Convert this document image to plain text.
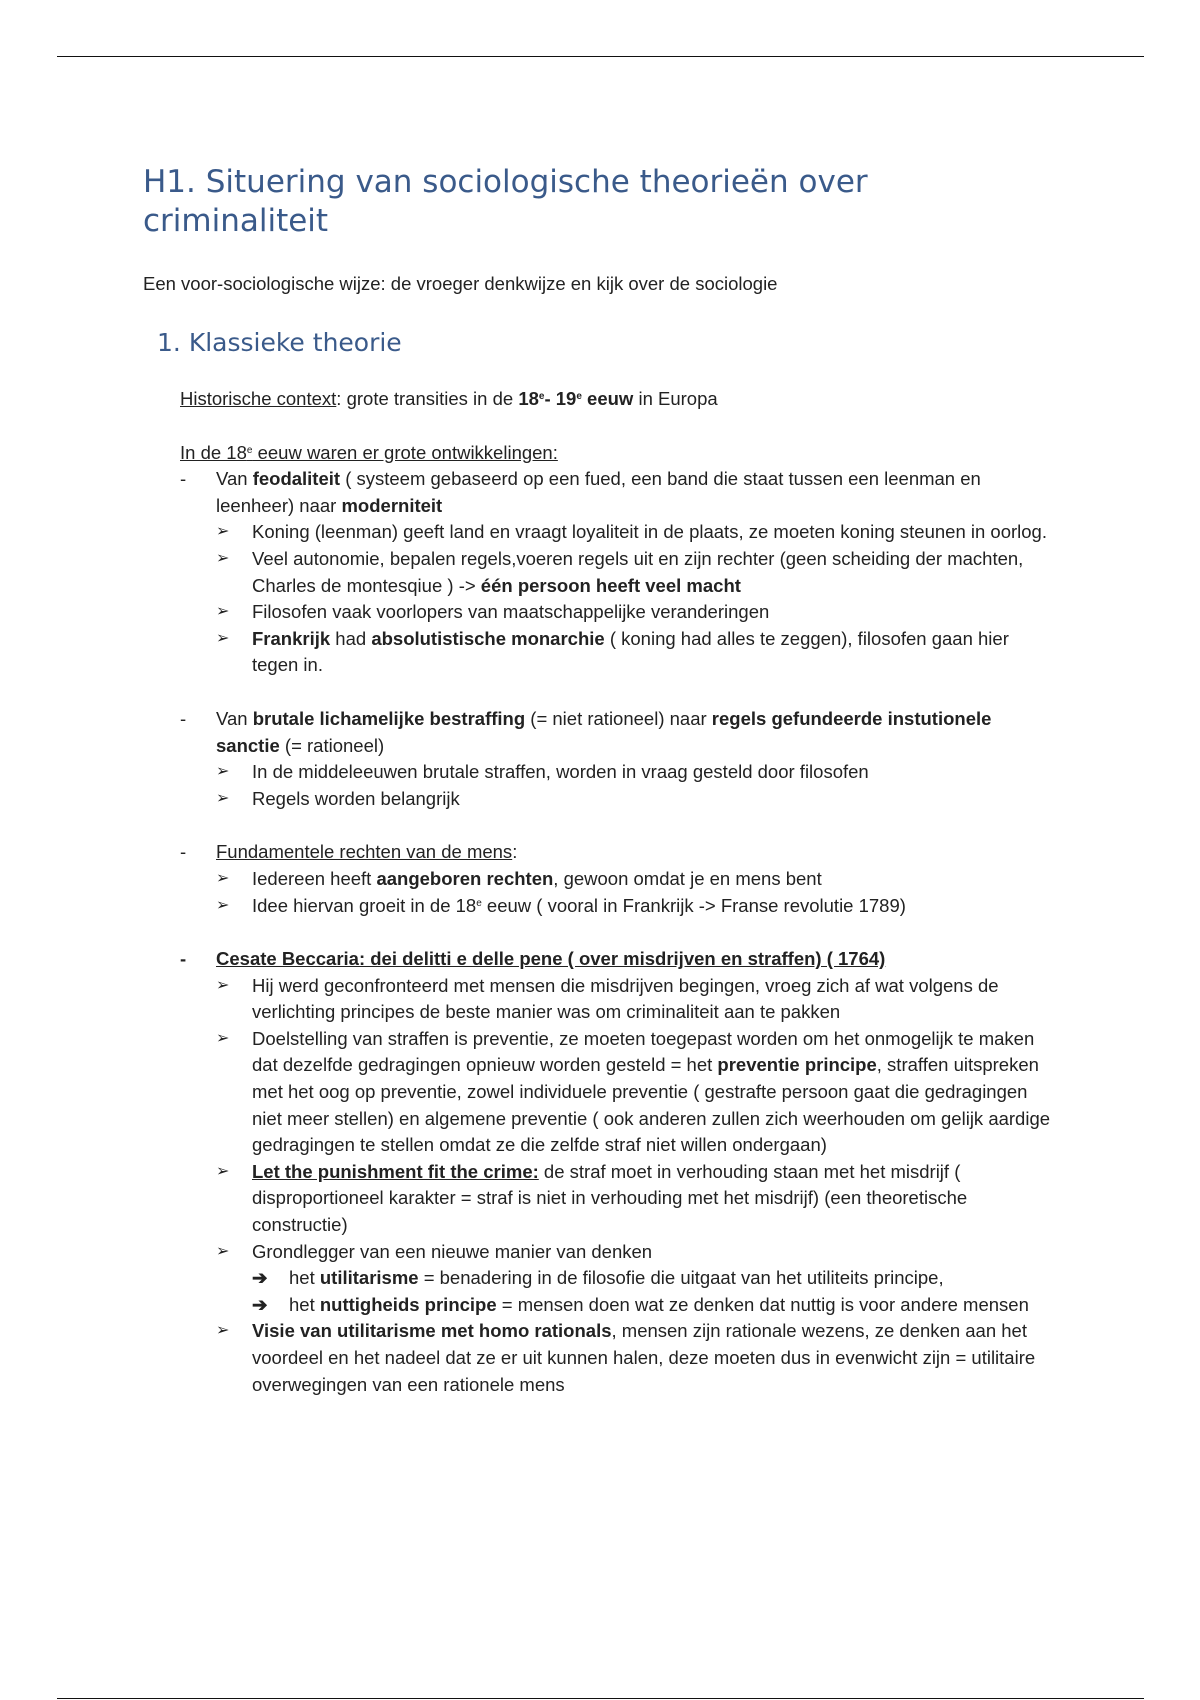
H1. Situering van sociologische theorieën over criminaliteit

Een voor-sociologische wijze: de vroeger denkwijze en kijk over de sociologie

1. Klassieke theorie

Historische context: grote transities in de 18e- 19e eeuw in Europa

In de 18e eeuw waren er grote ontwikkelingen:

-	Van feodaliteit ( systeem gebaseerd op een fued, een band die staat tussen een leenman en leenheer) naar moderniteit

➢	Koning (leenman) geeft land en vraagt loyaliteit in de plaats, ze moeten koning steunen in oorlog.

➢	Veel autonomie, bepalen regels,voeren regels uit en zijn rechter (geen scheiding der machten, Charles de montesqiue ) -> één persoon heeft veel macht

➢	Filosofen vaak voorlopers van maatschappelijke veranderingen

➢	Frankrijk had absolutistische monarchie ( koning had alles te zeggen), filosofen gaan hier tegen in.

-	Van brutale lichamelijke bestraffing (= niet rationeel) naar regels gefundeerde instutionele sanctie (= rationeel)

➢	In de middeleeuwen brutale straffen, worden in vraag gesteld door filosofen

➢	Regels worden belangrijk

-	Fundamentele rechten van de mens:

➢	Iedereen heeft aangeboren rechten, gewoon omdat je en mens bent

➢	Idee hiervan groeit in de 18e eeuw ( vooral in Frankrijk -> Franse revolutie 1789)

-	Cesate Beccaria: dei delitti e delle pene ( over misdrijven en straffen) ( 1764)

➢	Hij werd geconfronteerd met mensen die misdrijven begingen, vroeg zich af wat volgens de verlichting principes de beste manier was om criminaliteit aan te pakken

➢	Doelstelling van straffen is preventie, ze moeten toegepast worden om het onmogelijk te maken dat dezelfde gedragingen opnieuw worden gesteld = het preventie principe, straffen uitspreken met het oog op preventie, zowel individuele preventie ( gestrafte persoon gaat die gedragingen niet meer stellen) en algemene preventie ( ook anderen zullen zich weerhouden om gelijk aardige gedragingen te stellen omdat ze die zelfde straf niet willen ondergaan)

➢	Let the punishment fit the crime: de straf moet in verhouding staan met het misdrijf ( disproportioneel karakter = straf is niet in verhouding met het misdrijf) (een theoretische constructie)

➢	Grondlegger van een nieuwe manier van denken

➔	het utilitarisme = benadering in de filosofie die uitgaat van het utiliteits principe,

➔	het nuttigheids principe = mensen doen wat ze denken dat nuttig is voor andere mensen

➢	Visie van utilitarisme met homo rationals, mensen zijn rationale wezens, ze denken aan het voordeel en het nadeel dat ze er uit kunnen halen, deze moeten dus in evenwicht zijn = utilitaire overwegingen van een rationele mens
